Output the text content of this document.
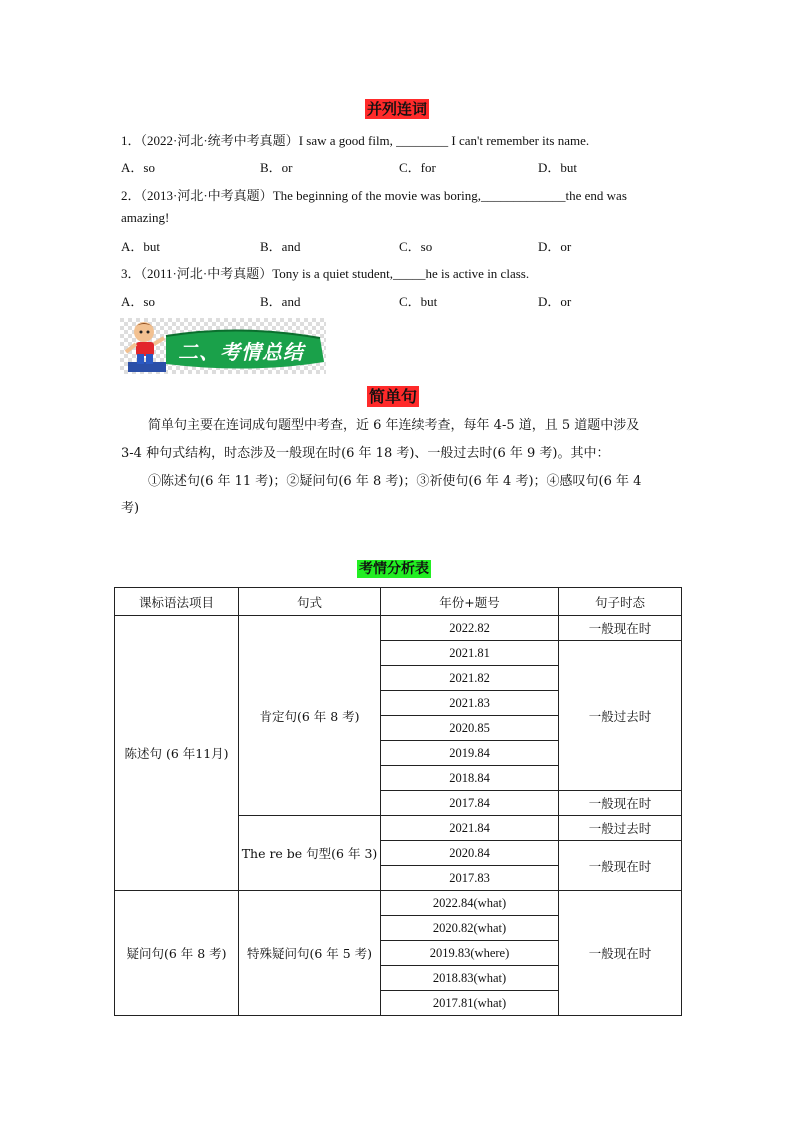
并列连词
1．（2022·河北·统考中考真题）I saw a good film, ________ I can't remember its name.
A．so	B．or	C．for	D．but
2．（2013·河北·中考真题）The beginning of the movie was boring,_____________the end was
amazing!
A．but	B．and	C．so	D．or
3．（2011·河北·中考真题）Tony is a quiet student,_____he is active in class.
A．so	B．and	C．but	D．or
二、考情总结
简单句
简单句主要在连词成句题型中考查，近 6 年连续考查，每年 4-5 道，且 5 道题中涉及
3-4 种句式结构，时态涉及一般现在时(6 年 18 考)、一般过去时(6 年 9 考)。其中：
①陈述句(6 年 11 考)；②疑问句(6 年 8 考)；③祈使句(6 年 4 考)；④感叹句(6 年 4
考)
考情分析表
课标语法项目	句式	年份+题号	句子时态
陈述句 (6 年11月)	肯定句(6 年 8 考)	2022.82	一般现在时
		2021.81	一般过去时
		2021.82	
		2021.83	
		2020.85	
		2019.84	
		2018.84	
		2017.84	一般现在时
	The re be 句型(6 年 3)	2021.84	一般过去时
		2020.84	一般现在时
		2017.83	
疑问句(6 年 8 考)	特殊疑问句(6 年 5 考)	2022.84(what)	一般现在时
		2020.82(what)	
		2019.83(where)	
		2018.83(what)	
		2017.81(what)	
